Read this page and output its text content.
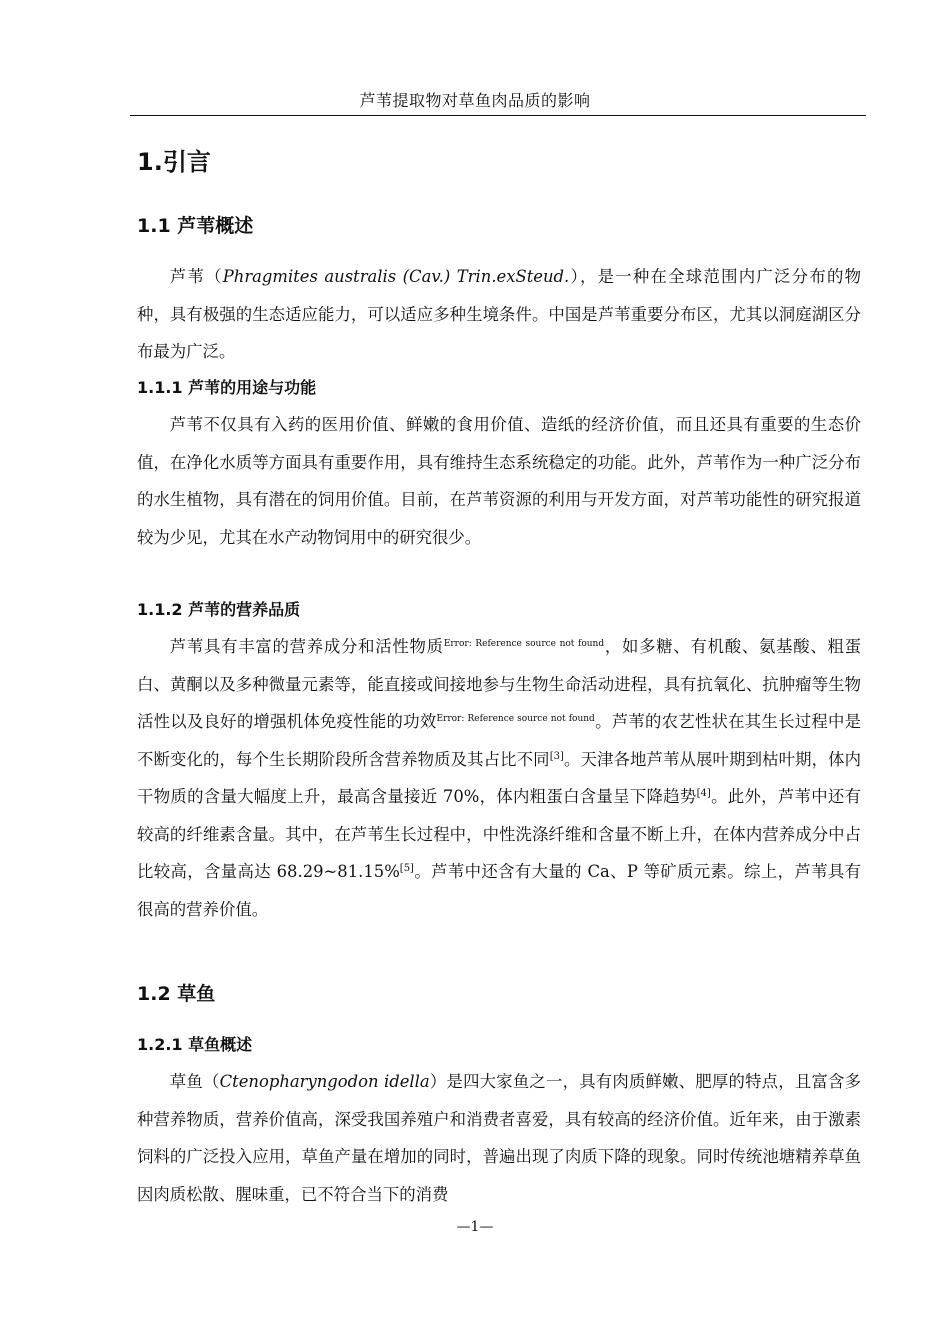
芦苇提取物对草鱼肉品质的影响
1.引言
1.1 芦苇概述

芦苇（Phragmites australis (Cav.) Trin.exSteud.），是一种在全球范围内广泛分布的物种，具有极强的生态适应能力，可以适应多种生境条件。中国是芦苇重要分布区，尤其以洞庭湖区分布最为广泛。

1.1.1 芦苇的用途与功能

芦苇不仅具有入药的医用价值、鲜嫩的食用价值、造纸的经济价值，而且还具有重要的生态价值，在净化水质等方面具有重要作用，具有维持生态系统稳定的功能。此外，芦苇作为一种广泛分布的水生植物，具有潜在的饲用价值。目前，在芦苇资源的利用与开发方面，对芦苇功能性的研究报道较为少见，尤其在水产动物饲用中的研究很少。

1.1.2 芦苇的营养品质

芦苇具有丰富的营养成分和活性物质$^{Error: Reference source not found}$，如多糖、有机酸、氨基酸、粗蛋白、黄酮以及多种微量元素等，能直接或间接地参与生物生命活动进程，具有抗氧化、抗肿瘤等生物活性以及良好的增强机体免疫性能的功效$^{Error: Reference source not found}$。芦苇的农艺性状在其生长过程中是不断变化的，每个生长期阶段所含营养物质及其占比不同[3]。天津各地芦苇从展叶期到枯叶期，体内干物质的含量大幅度上升，最高含量接近 70%，体内粗蛋白含量呈下降趋势[4]。此外，芦苇中还有较高的纤维素含量。其中，在芦苇生长过程中，中性洗涤纤维和含量不断上升，在体内营养成分中占比较高，含量高达 68.29~81.15%[5]。芦苇中还含有大量的 Ca、P 等矿质元素。综上，芦苇具有很高的营养价值。

1.2 草鱼
1.2.1 草鱼概述

草鱼（Ctenopharyngodon idella）是四大家鱼之一，具有肉质鲜嫩、肥厚的特点，且富含多种营养物质，营养价值高，深受我国养殖户和消费者喜爱，具有较高的经济价值。近年来，由于激素饲料的广泛投入应用，草鱼产量在增加的同时，普遍出现了肉质下降的现象。同时传统池塘精养草鱼因肉质松散、腥味重，已不符合当下的消费

—1—
